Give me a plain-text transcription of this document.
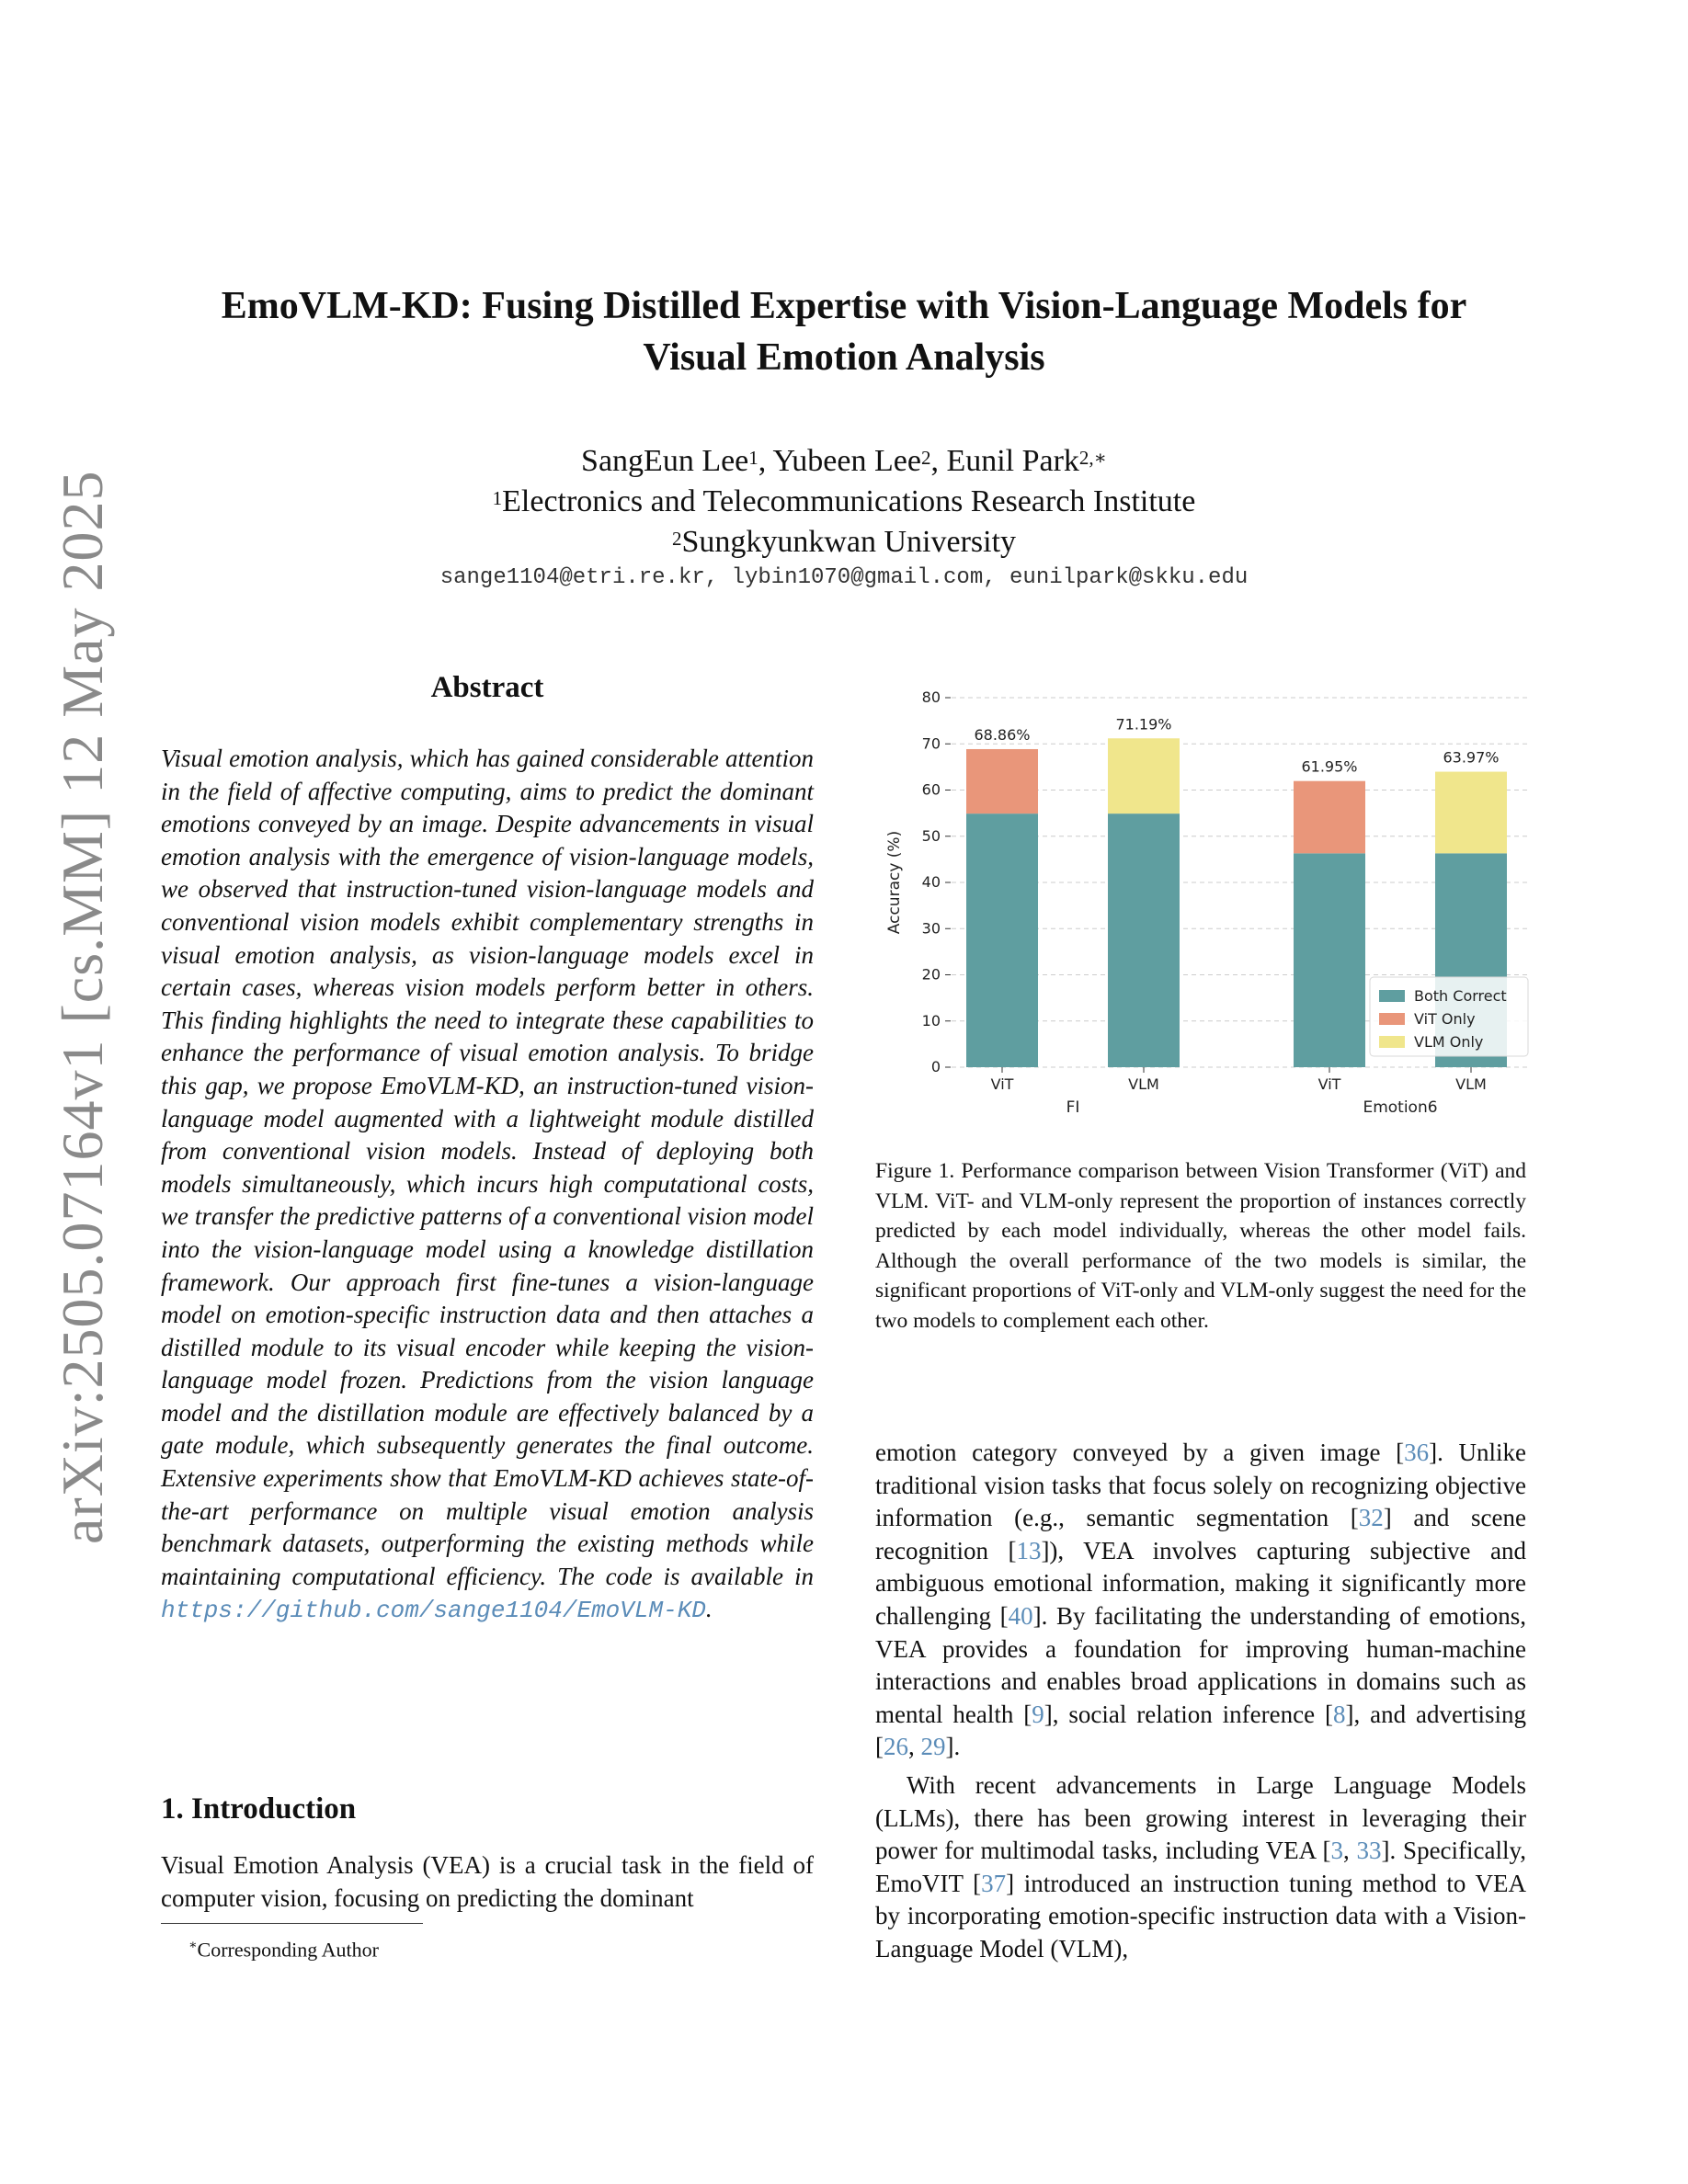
arXiv:2505.07164v1 [cs.MM] 12 May 2025
EmoVLM-KD: Fusing Distilled Expertise with Vision-Language Models for
Visual Emotion Analysis
SangEun Lee$^1$, Yubeen Lee$^2$, Eunil Park$^{2,∗}$
$^1$Electronics and Telecommunications Research Institute
$^2$Sungkyunkwan University
sange1104@etri.re.kr, lybin1070@gmail.com, eunilpark@skku.edu
Abstract
Visual emotion analysis, which has gained considerable attention in the field of affective computing, aims to predict the dominant emotions conveyed by an image. Despite advancements in visual emotion analysis with the emergence of vision-language models, we observed that instruction-tuned vision-language models and conventional vision models exhibit complementary strengths in visual emotion analysis, as vision-language models excel in certain cases, whereas vision models perform better in others. This finding highlights the need to integrate these capabilities to enhance the performance of visual emotion analysis. To bridge this gap, we propose EmoVLM-KD, an instruction-tuned vision-language model augmented with a lightweight module distilled from conventional vision models. Instead of deploying both models simultaneously, which incurs high computational costs, we transfer the predictive patterns of a conventional vision model into the vision-language model using a knowledge distillation framework. Our approach first fine-tunes a vision-language model on emotion-specific instruction data and then attaches a distilled module to its visual encoder while keeping the vision-language model frozen. Predictions from the vision language model and the distillation module are effectively balanced by a gate module, which subsequently generates the final outcome. Extensive experiments show that EmoVLM-KD achieves state-of-the-art performance on multiple visual emotion analysis benchmark datasets, outperforming the existing methods while maintaining computational efficiency. The code is available in https://github.com/sange1104/EmoVLM-KD.
1. Introduction
Visual Emotion Analysis (VEA) is a crucial task in the field of computer vision, focusing on predicting the dominant
∗Corresponding Author
0
10
20
30
40
50
60
70
80
Accuracy (%)
68.86%
ViT
71.19%
VLM
61.95%
ViT
63.97%
VLM
FI	Emotion6
Both Correct
ViT Only
VLM Only
Figure 1. Performance comparison between Vision Transformer (ViT) and VLM. ViT- and VLM-only represent the proportion of instances correctly predicted by each model individually, whereas the other model fails. Although the overall performance of the two models is similar, the significant proportions of ViT-only and VLM-only suggest the need for the two models to complement each other.

emotion category conveyed by a given image [36]. Unlike traditional vision tasks that focus solely on recognizing objective information (e.g., semantic segmentation [32] and scene recognition [13]), VEA involves capturing subjective and ambiguous emotional information, making it significantly more challenging [40]. By facilitating the understanding of emotions, VEA provides a foundation for improving human-machine interactions and enables broad applications in domains such as mental health [9], social relation inference [8], and advertising [26, 29].

With recent advancements in Large Language Models (LLMs), there has been growing interest in leveraging their power for multimodal tasks, including VEA [3, 33]. Specifically, EmoVIT [37] introduced an instruction tuning method to VEA by incorporating emotion-specific instruction data with a Vision-Language Model (VLM),
